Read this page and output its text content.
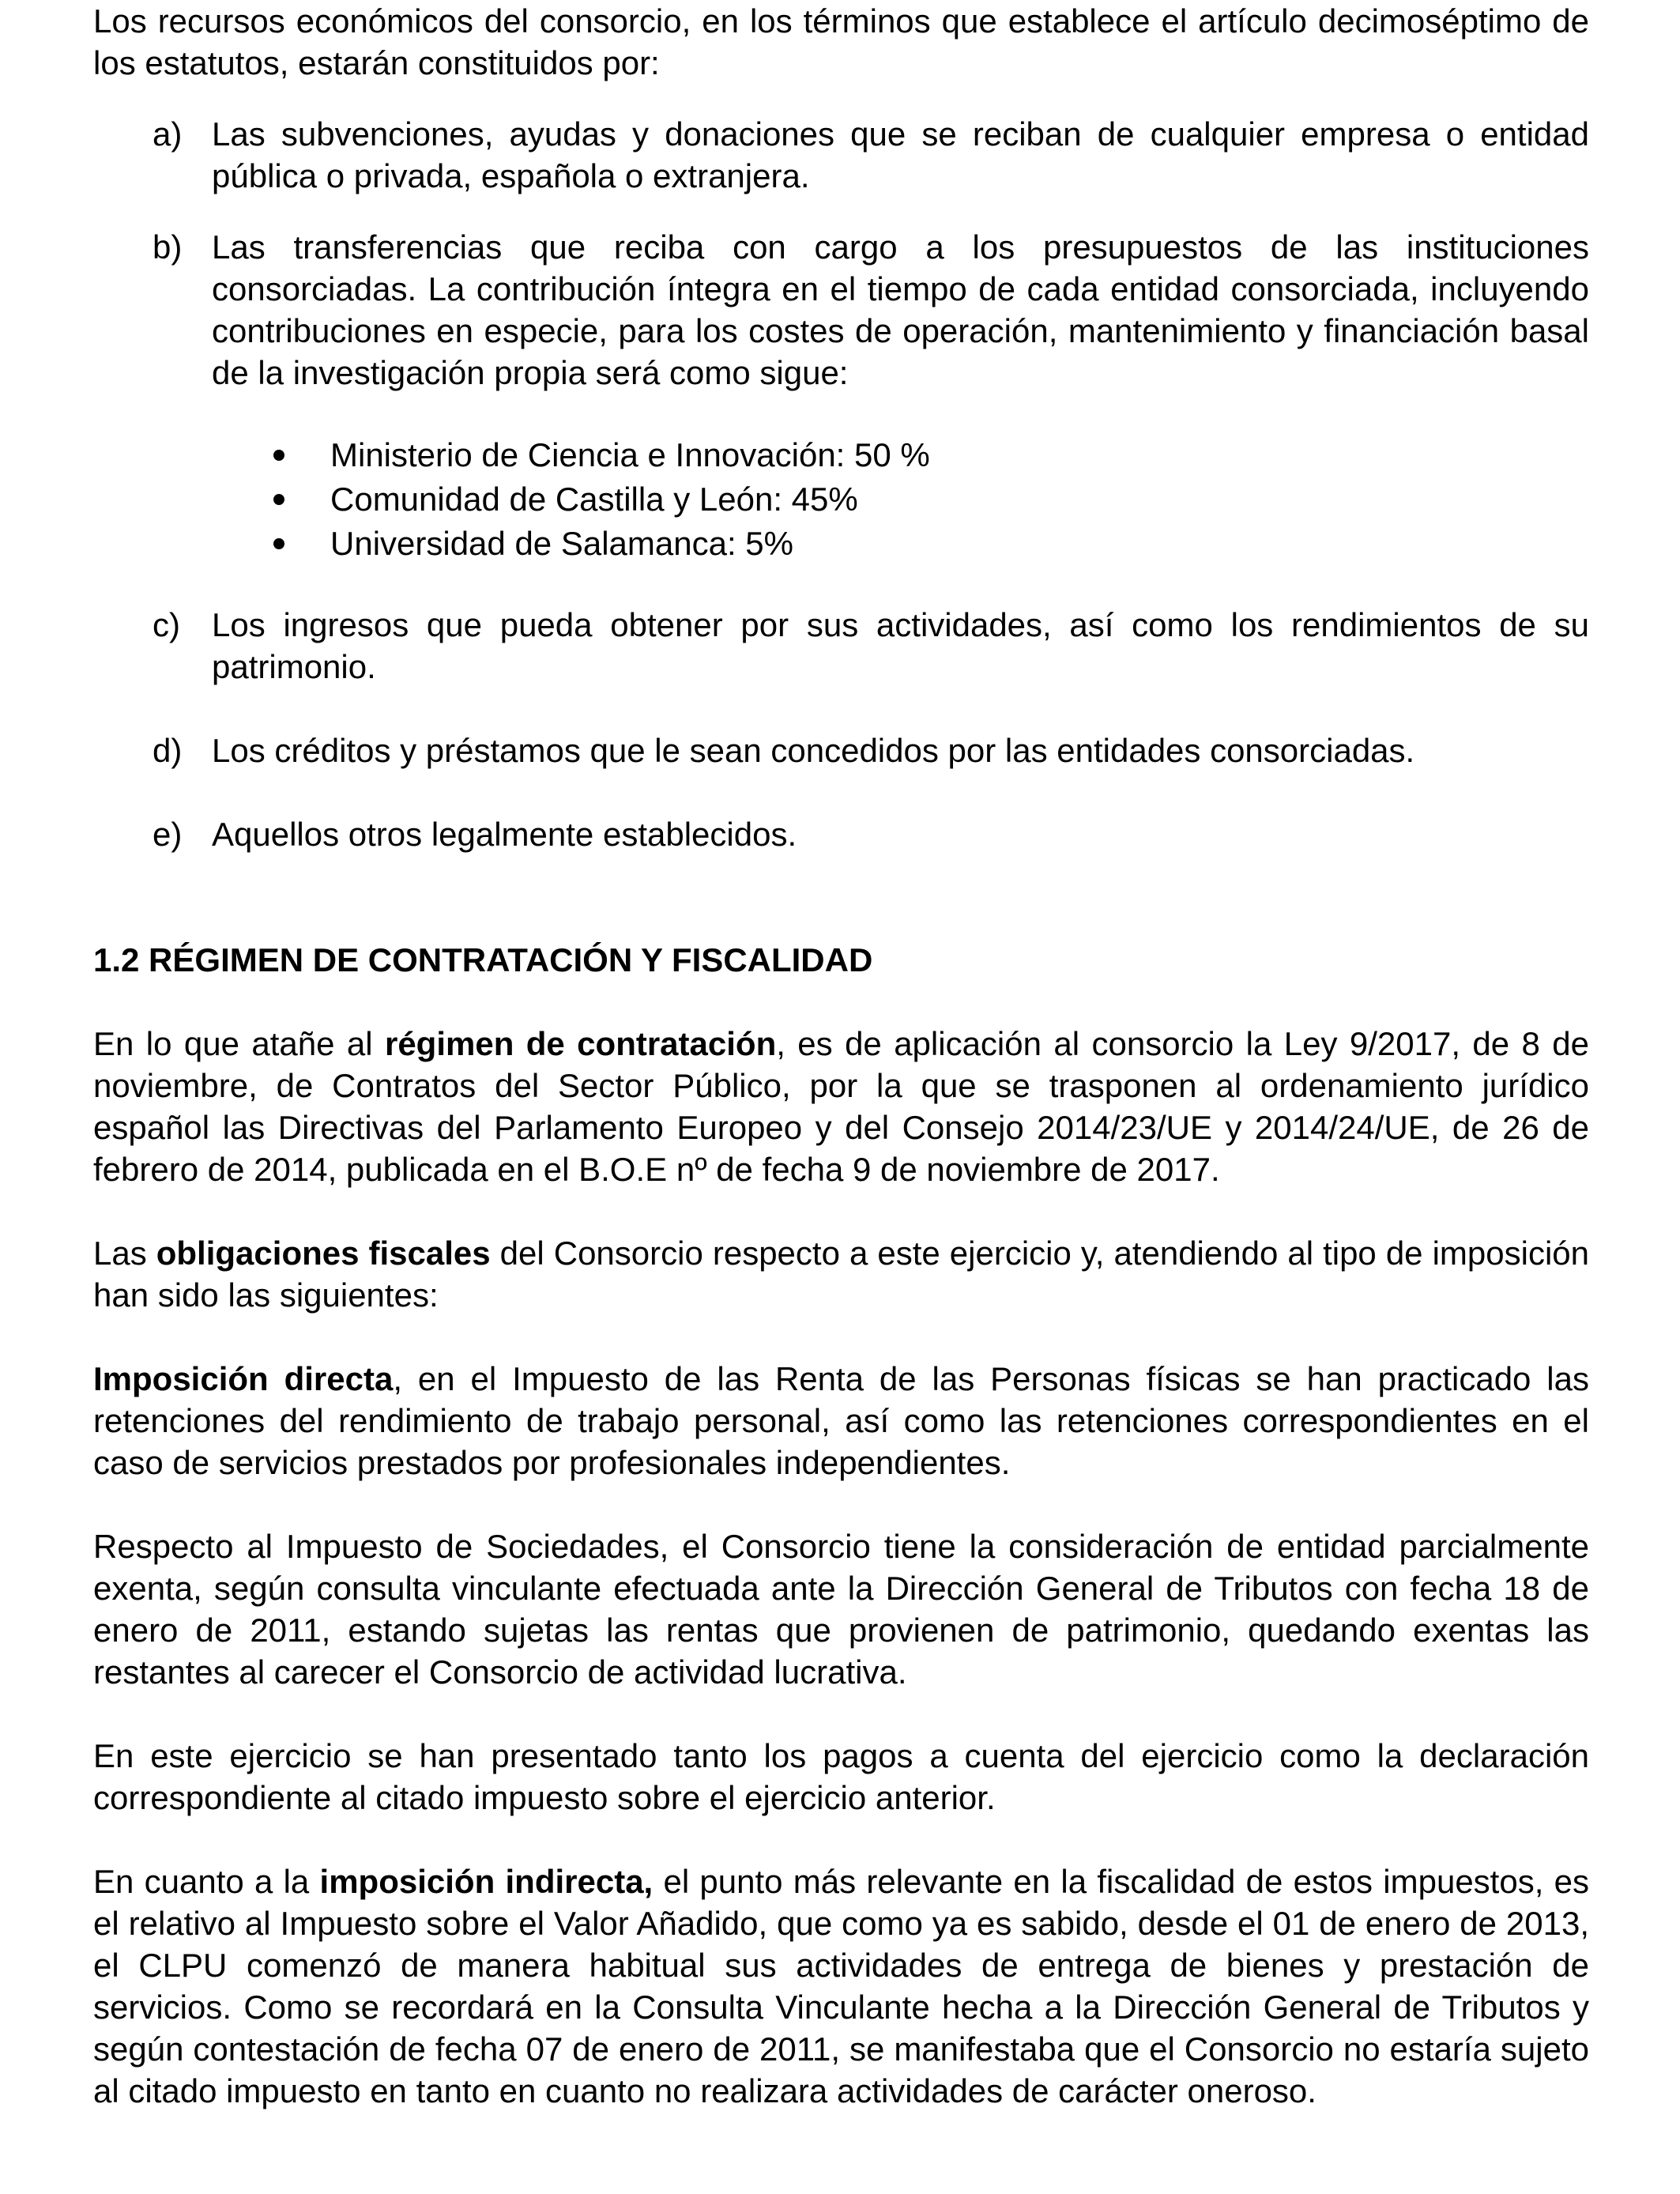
Los recursos económicos del consorcio, en los términos que establece el artículo decimoséptimo de los estatutos, estarán constituidos por:

a) Las subvenciones, ayudas y donaciones que se reciban de cualquier empresa o entidad pública o privada, española o extranjera.
b) Las transferencias que reciba con cargo a los presupuestos de las instituciones consorciadas. La contribución íntegra en el tiempo de cada entidad consorciada, incluyendo contribuciones en especie, para los costes de operación, mantenimiento y financiación basal de la investigación propia será como sigue:
Ministerio de Ciencia e Innovación: 50 %
Comunidad de Castilla y León: 45%
Universidad de Salamanca: 5%
c) Los ingresos que pueda obtener por sus actividades, así como los rendimientos de su patrimonio.
d) Los créditos y préstamos que le sean concedidos por las entidades consorciadas.
e) Aquellos otros legalmente establecidos.
1.2 RÉGIMEN DE CONTRATACIÓN Y FISCALIDAD

En lo que atañe al régimen de contratación, es de aplicación al consorcio la Ley 9/2017, de 8 de noviembre, de Contratos del Sector Público, por la que se trasponen al ordenamiento jurídico español las Directivas del Parlamento Europeo y del Consejo 2014/23/UE y 2014/24/UE, de 26 de febrero de 2014, publicada en el B.O.E nº de fecha 9 de noviembre de 2017.

Las obligaciones fiscales del Consorcio respecto a este ejercicio y, atendiendo al tipo de imposición han sido las siguientes:

Imposición directa, en el Impuesto de las Renta de las Personas físicas se han practicado las retenciones del rendimiento de trabajo personal, así como las retenciones correspondientes en el caso de servicios prestados por profesionales independientes.

Respecto al Impuesto de Sociedades, el Consorcio tiene la consideración de entidad parcialmente exenta, según consulta vinculante efectuada ante la Dirección General de Tributos con fecha 18 de enero de 2011, estando sujetas las rentas que provienen de patrimonio, quedando exentas las restantes al carecer el Consorcio de actividad lucrativa.

En este ejercicio se han presentado tanto los pagos a cuenta del ejercicio como la declaración correspondiente al citado impuesto sobre el ejercicio anterior.

En cuanto a la imposición indirecta, el punto más relevante en la fiscalidad de estos impuestos, es el relativo al Impuesto sobre el Valor Añadido, que como ya es sabido, desde el 01 de enero de 2013, el CLPU comenzó de manera habitual sus actividades de entrega de bienes y prestación de servicios. Como se recordará en la Consulta Vinculante hecha a la Dirección General de Tributos y según contestación de fecha 07 de enero de 2011, se manifestaba que el Consorcio no estaría sujeto al citado impuesto en tanto en cuanto no realizara actividades de carácter oneroso.
